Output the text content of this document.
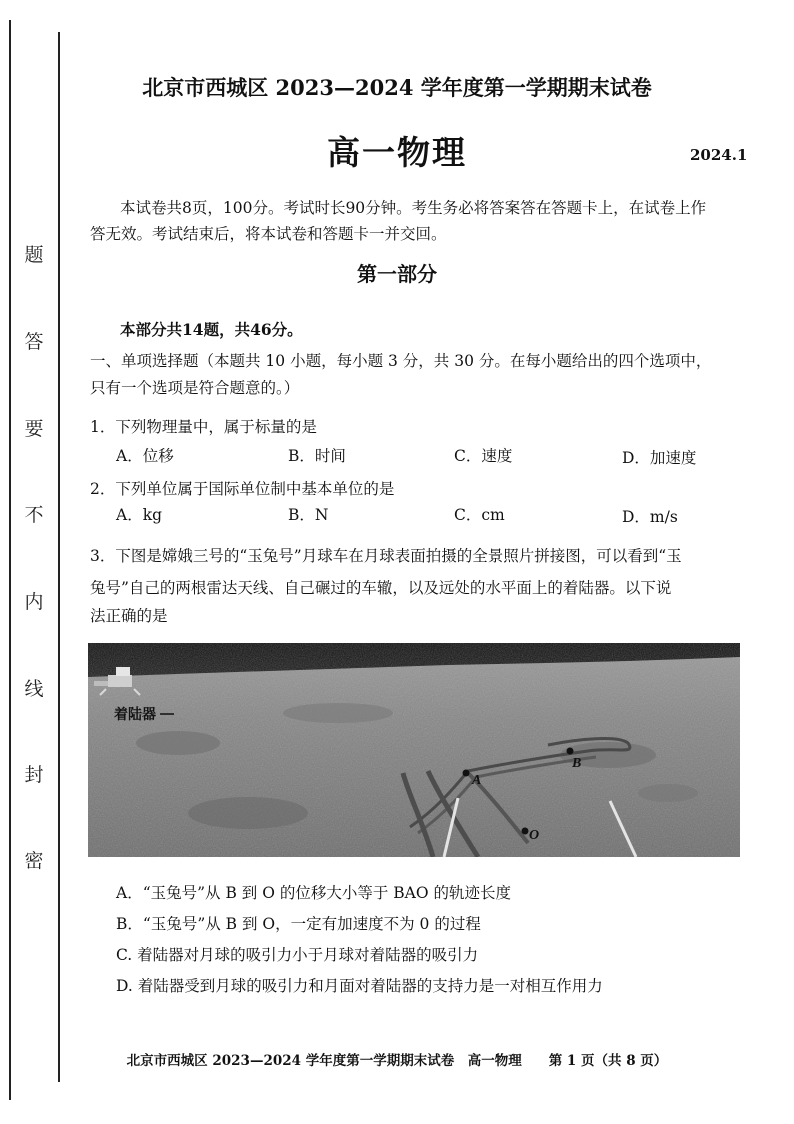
题
答
要
不
内
线
封
密
北京市西城区 2023—2024 学年度第一学期期末试卷
高一物理	2024.1
本试卷共8页，100分。考试时长90分钟。考生务必将答案答在答题卡上，在试卷上作
答无效。考试结束后，将本试卷和答题卡一并交回。
第一部分
本部分共14题，共46分。
一、单项选择题（本题共 10 小题，每小题 3 分，共 30 分。在每小题给出的四个选项中，
只有一个选项是符合题意的。）
1．下列物理量中，属于标量的是
A．位移	B．时间	C．速度	D．加速度
2．下列单位属于国际单位制中基本单位的是
A．kg	B．N	C．cm	D．m/s
3．下图是嫦娥三号的“玉兔号”月球车在月球表面拍摄的全景照片拼接图，可以看到“玉
兔号”自己的两根雷达天线、自己碾过的车辙，以及远处的水平面上的着陆器。以下说
法正确的是
A
B
O
着陆器
A．“玉兔号”从 B 到 O 的位移大小等于 BAO 的轨迹长度
B．“玉兔号”从 B 到 O，一定有加速度不为 0 的过程
C. 着陆器对月球的吸引力小于月球对着陆器的吸引力
D. 着陆器受到月球的吸引力和月面对着陆器的支持力是一对相互作用力
北京市西城区 2023—2024 学年度第一学期期末试卷　高一物理　　第 1 页（共 8 页）
